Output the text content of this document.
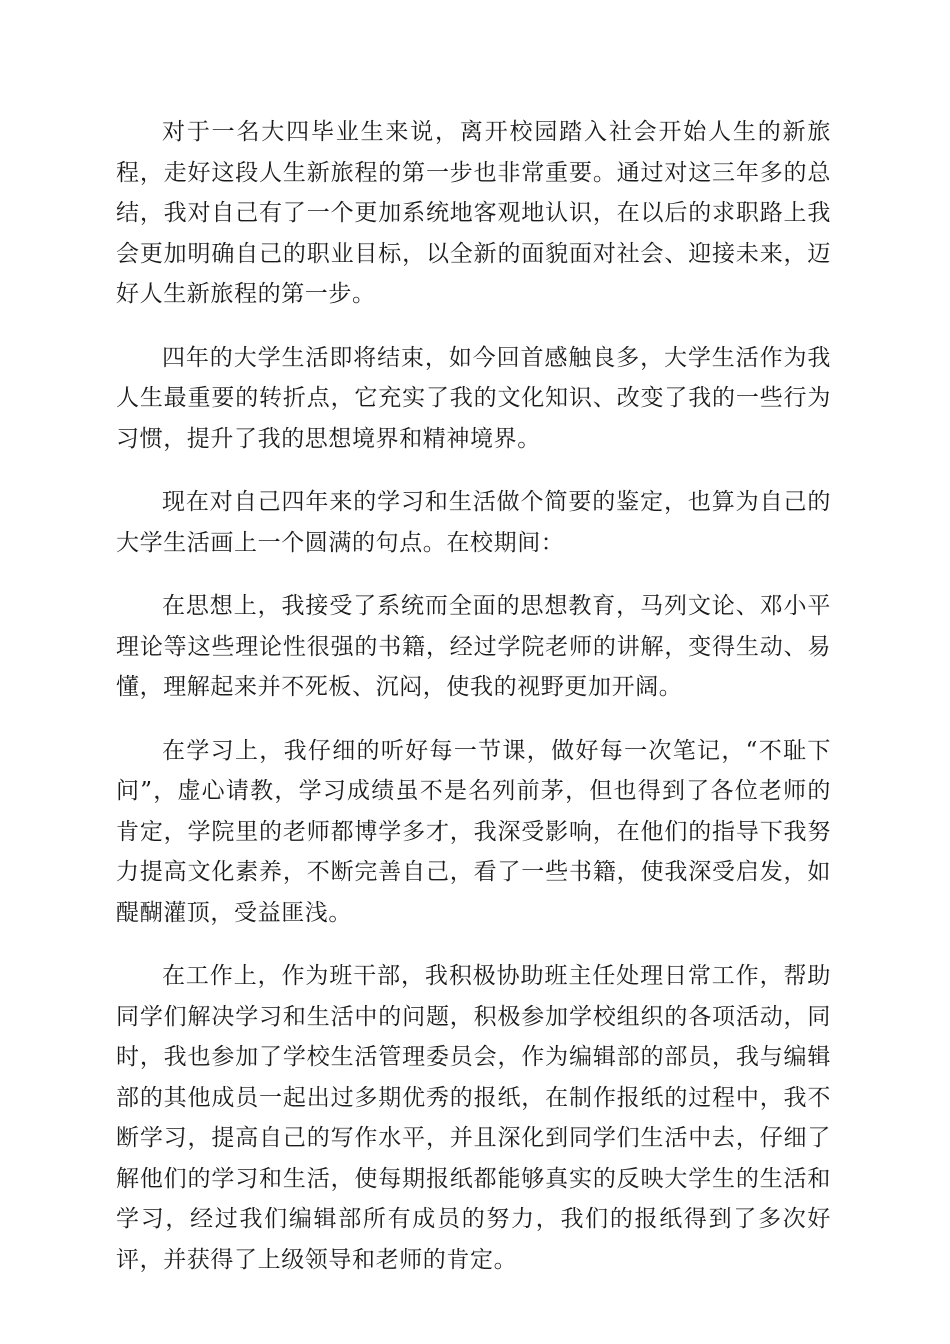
对于一名大四毕业生来说，离开校园踏入社会开始人生的新旅程，走好这段人生新旅程的第一步也非常重要。通过对这三年多的总结，我对自己有了一个更加系统地客观地认识，在以后的求职路上我会更加明确自己的职业目标，以全新的面貌面对社会、迎接未来，迈好人生新旅程的第一步。

四年的大学生活即将结束，如今回首感触良多，大学生活作为我人生最重要的转折点，它充实了我的文化知识、改变了我的一些行为习惯，提升了我的思想境界和精神境界。

现在对自己四年来的学习和生活做个简要的鉴定，也算为自己的大学生活画上一个圆满的句点。在校期间：

在思想上，我接受了系统而全面的思想教育，马列文论、邓小平理论等这些理论性很强的书籍，经过学院老师的讲解，变得生动、易懂，理解起来并不死板、沉闷，使我的视野更加开阔。

在学习上，我仔细的听好每一节课，做好每一次笔记，“不耻下问”，虚心请教，学习成绩虽不是名列前茅，但也得到了各位老师的肯定，学院里的老师都博学多才，我深受影响，在他们的指导下我努力提高文化素养，不断完善自己，看了一些书籍，使我深受启发，如醍醐灌顶，受益匪浅。

在工作上，作为班干部，我积极协助班主任处理日常工作，帮助同学们解决学习和生活中的问题，积极参加学校组织的各项活动，同时，我也参加了学校生活管理委员会，作为编辑部的部员，我与编辑部的其他成员一起出过多期优秀的报纸，在制作报纸的过程中，我不断学习，提高自己的写作水平，并且深化到同学们生活中去，仔细了解他们的学习和生活，使每期报纸都能够真实的反映大学生的生活和学习，经过我们编辑部所有成员的努力，我们的报纸得到了多次好评，并获得了上级领导和老师的肯定。
